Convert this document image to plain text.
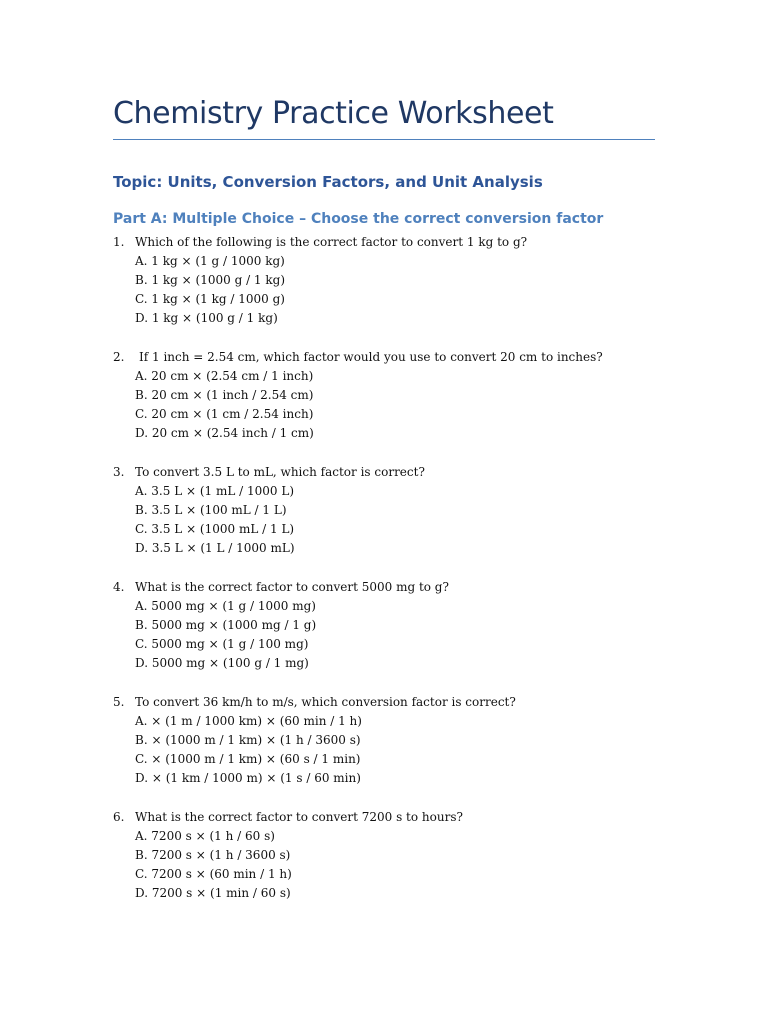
Chemistry Practice Worksheet
Topic: Units, Conversion Factors, and Unit Analysis
Part A: Multiple Choice – Choose the correct conversion factor
1. Which of the following is the correct factor to convert 1 kg to g?
A. 1 kg × (1 g / 1000 kg)
B. 1 kg × (1000 g / 1 kg)
C. 1 kg × (1 kg / 1000 g)
D. 1 kg × (100 g / 1 kg)
2. If 1 inch = 2.54 cm, which factor would you use to convert 20 cm to inches?
A. 20 cm × (2.54 cm / 1 inch)
B. 20 cm × (1 inch / 2.54 cm)
C. 20 cm × (1 cm / 2.54 inch)
D. 20 cm × (2.54 inch / 1 cm)
3. To convert 3.5 L to mL, which factor is correct?
A. 3.5 L × (1 mL / 1000 L)
B. 3.5 L × (100 mL / 1 L)
C. 3.5 L × (1000 mL / 1 L)
D. 3.5 L × (1 L / 1000 mL)
4. What is the correct factor to convert 5000 mg to g?
A. 5000 mg × (1 g / 1000 mg)
B. 5000 mg × (1000 mg / 1 g)
C. 5000 mg × (1 g / 100 mg)
D. 5000 mg × (100 g / 1 mg)
5. To convert 36 km/h to m/s, which conversion factor is correct?
A. × (1 m / 1000 km) × (60 min / 1 h)
B. × (1000 m / 1 km) × (1 h / 3600 s)
C. × (1000 m / 1 km) × (60 s / 1 min)
D. × (1 km / 1000 m) × (1 s / 60 min)
6. What is the correct factor to convert 7200 s to hours?
A. 7200 s × (1 h / 60 s)
B. 7200 s × (1 h / 3600 s)
C. 7200 s × (60 min / 1 h)
D. 7200 s × (1 min / 60 s)
